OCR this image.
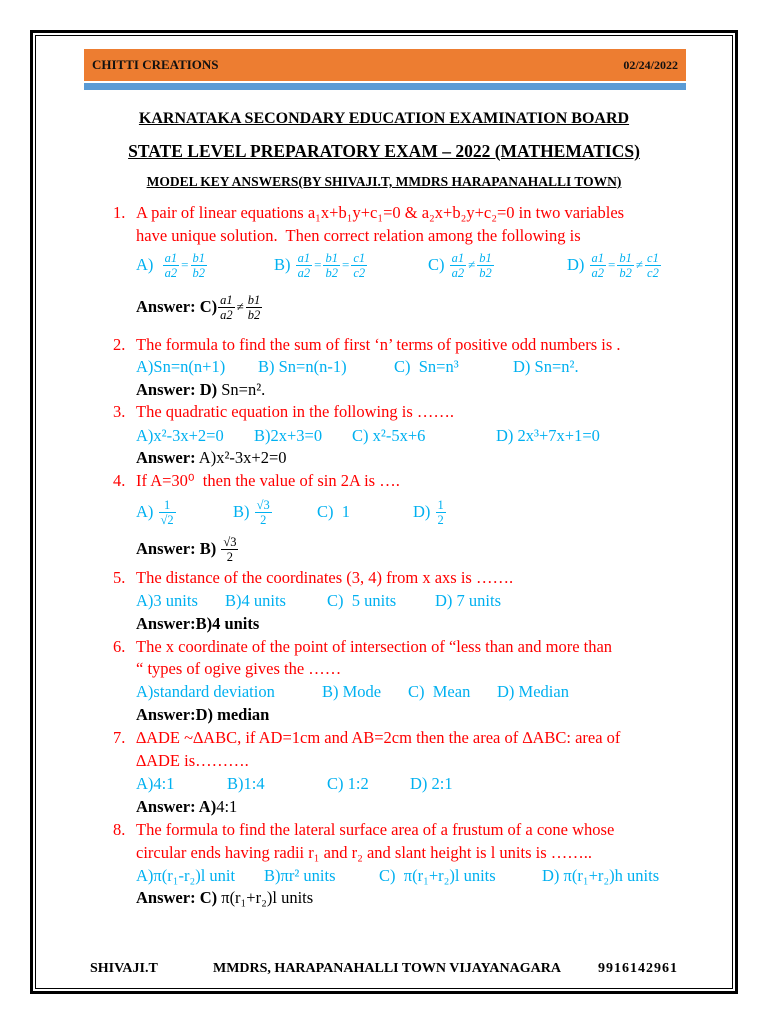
CHITTI CREATIONS	02/24/2022
KARNATAKA SECONDARY EDUCATION EXAMINATION BOARD
STATE LEVEL PREPARATORY EXAM – 2022 (MATHEMATICS)
MODEL KEY ANSWERS(BY SHIVAJI.T, MMDRS HARAPANAHALLI TOWN)
1. A pair of linear equations a₁x+b₁y+c₁=0 & a₂x+b₂y+c₂=0 in two variables
have unique solution.  Then correct relation among the following is
$A) \frac{a1}{a2} = \frac{b1}{b2}$	$B) \frac{a1}{a2} = \frac{b1}{b2} = \frac{c1}{c2}$	$C) \frac{a1}{a2} \ne \frac{b1}{b2}$	$D) \frac{a1}{a2} = \frac{b1}{b2} \ne \frac{c1}{c2}$
Answer: $C) \frac{a1}{a2} \ne \frac{b1}{b2}$
2. The formula to find the sum of first ‘n’ terms of positive odd numbers is .
A)Sn=n(n+1) B) Sn=n(n-1)	C)  Sn=n³	D) Sn=n².
Answer: D) Sn=n².
3. The quadratic equation in the following is …….
A)x²-3x+2=0 B)2x+3=0 C) x²-5x+6	D) 2x³+7x+1=0
Answer: A)x²-3x+2=0
4. If A=30⁰  then the value of sin 2A is ….
$A) \frac{1}{√2}$	$B) \frac{√3}{2}$	C)  1	$D) \frac{1}{2}$
Answer: $B) \frac{√3}{2}$
5. The distance of the coordinates (3, 4) from x axs is …….
A)3 units B)4 units C)  5 units D) 7 units
Answer:B)4 units
6. The x coordinate of the point of intersection of “less than and more than
“ types of ogive gives the ……
A)standard deviation	B) Mode C)  Mean D) Median
Answer:D) median
7. ∆ADE ~∆ABC, if AD=1cm and AB=2cm then the area of ∆ABC: area of
∆ADE is……….
A)4:1	B)1:4	C) 1:2	D) 2:1
Answer: A) 4:1
8. The formula to find the lateral surface area of a frustum of a cone whose
circular ends having radii r₁ and r₂ and slant height is l units is ……..
A)π(r₁-r₂)l unit B)πr² units	C)  π(r₁+r₂)l units	D) π(r₁+r₂)h units
Answer: C) π(r₁+r₂)l units
SHIVAJI.T	MMDRS, HARAPANAHALLI TOWN VIJAYANAGARA	9916142961
